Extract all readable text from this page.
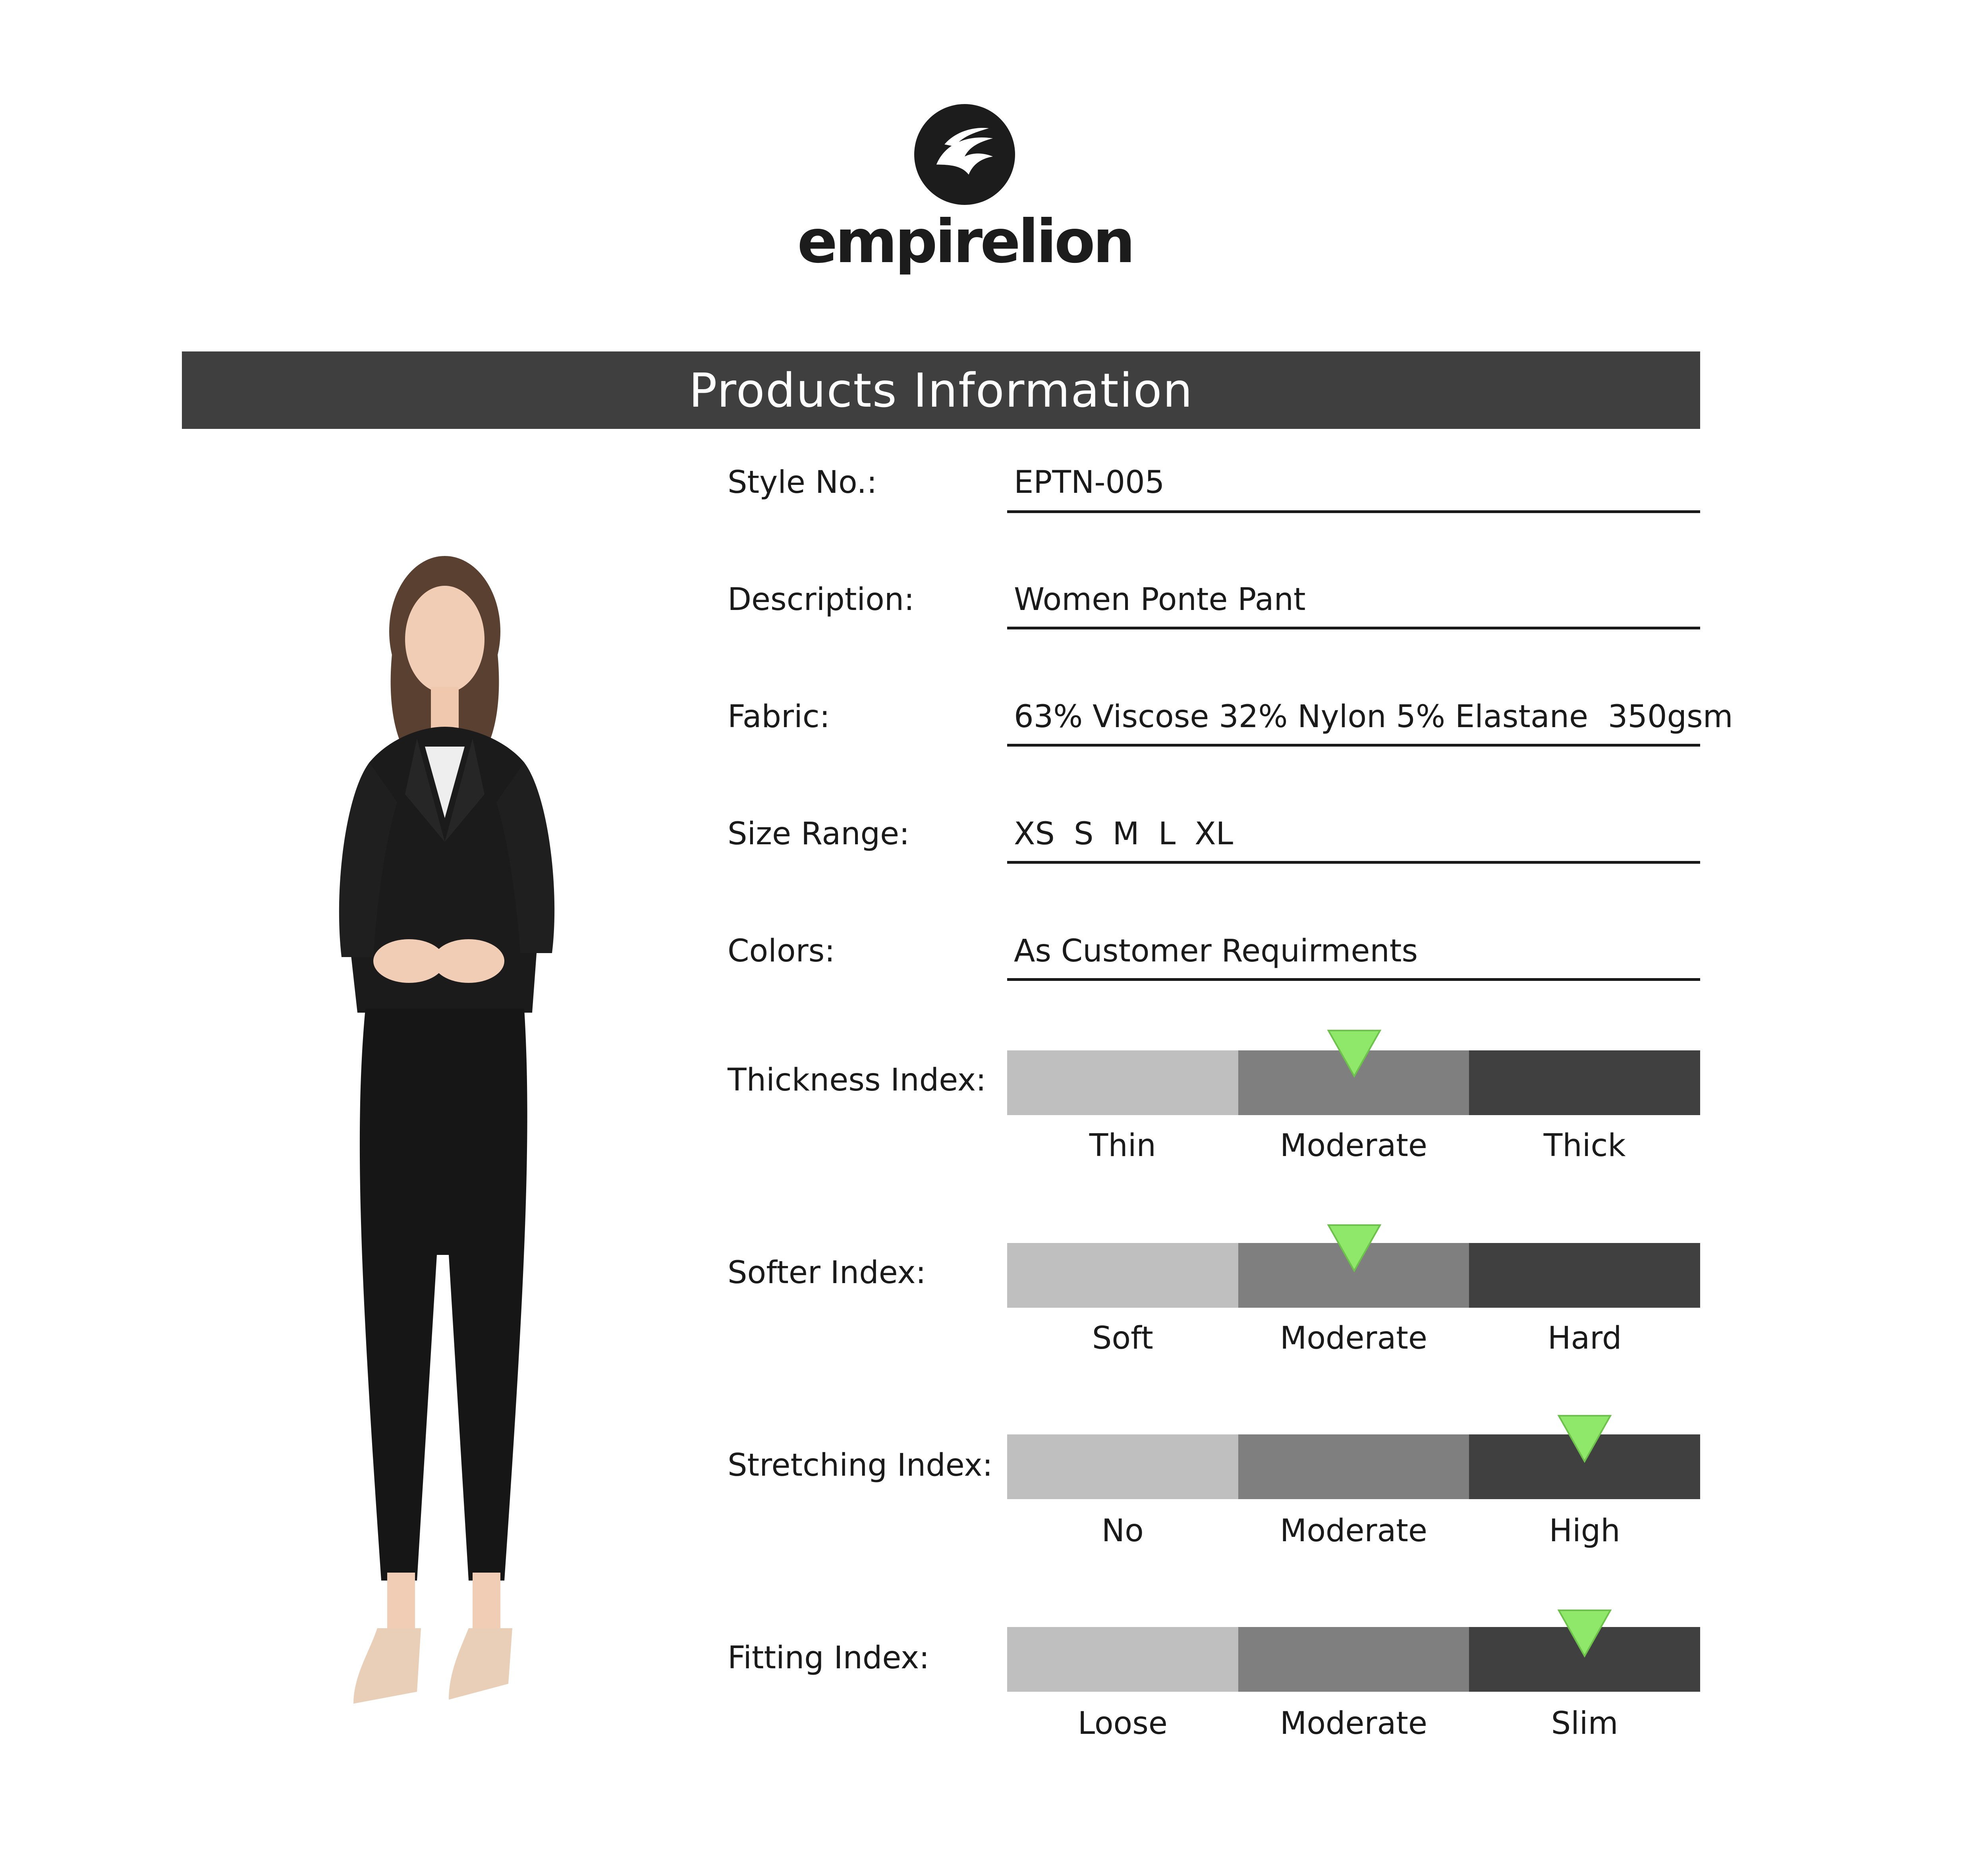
empirelion
Products Information
Style No.:	EPTN-005
Description:	Women Ponte Pant
Fabric:	63% Viscose 32% Nylon 5% Elastane  350gsm
Size Range:	XS S M L XL
Colors:	As Customer Requirments
Thickness Index:
Thin	Moderate	Thick
Softer Index:
Soft	Moderate	Hard
Stretching Index:
No	Moderate	High
Fitting Index:
Loose	Moderate	Slim
